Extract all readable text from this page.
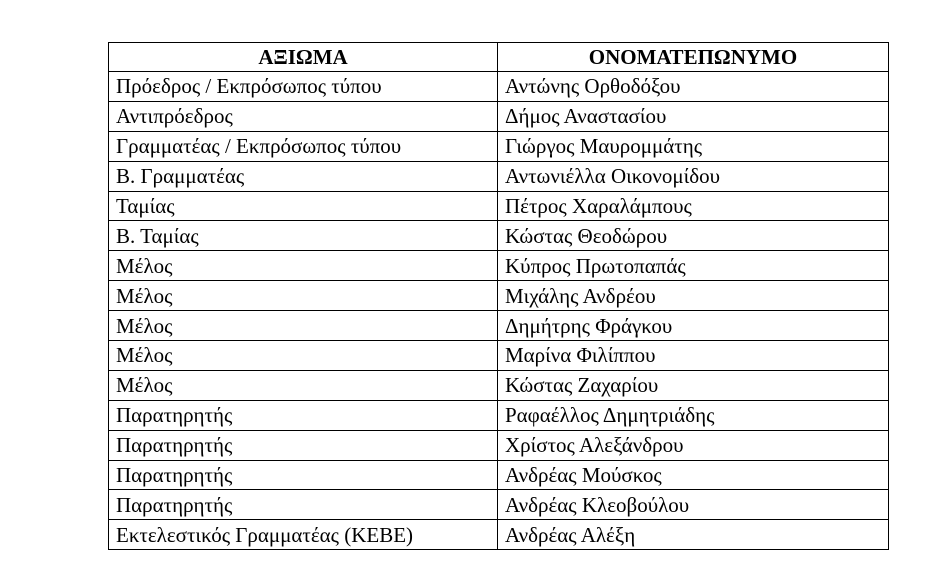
ΑΞΙΩΜΑ	ΟΝΟΜΑΤΕΠΩΝΥΜΟ
Πρόεδρος / Εκπρόσωπος τύπου	Αντώνης Ορθοδόξου
Αντιπρόεδρος	Δήμος Αναστασίου
Γραμματέας / Εκπρόσωπος τύπου	Γιώργος Μαυρομμάτης
Β. Γραμματέας	Αντωνιέλλα Οικονομίδου
Ταμίας	Πέτρος Χαραλάμπους
Β. Ταμίας	Κώστας Θεοδώρου
Μέλος	Κύπρος Πρωτοπαπάς
Μέλος	Μιχάλης Ανδρέου
Μέλος	Δημήτρης Φράγκου
Μέλος	Μαρίνα Φιλίππου
Μέλος	Κώστας Ζαχαρίου
Παρατηρητής	Ραφαέλλος Δημητριάδης
Παρατηρητής	Χρίστος Αλεξάνδρου
Παρατηρητής	Ανδρέας Μούσκος
Παρατηρητής	Ανδρέας Κλεοβούλου
Εκτελεστικός Γραμματέας (ΚΕΒΕ)	Ανδρέας Αλέξη
